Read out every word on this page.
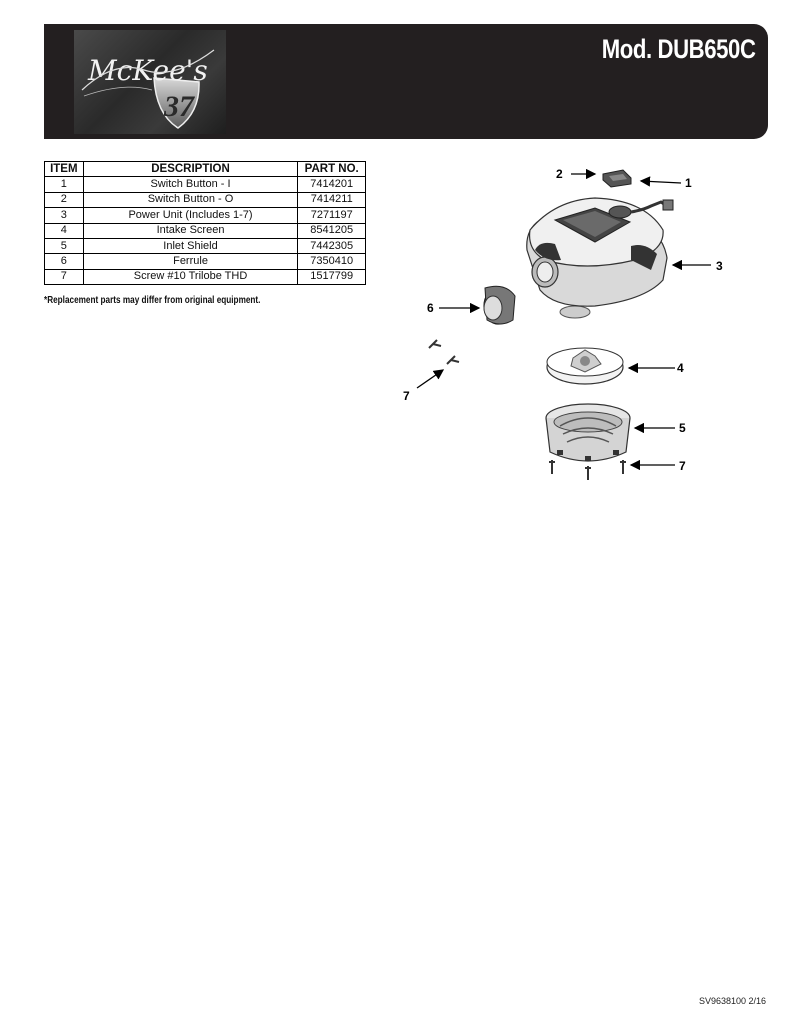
37
McKee's
Mod. DUB650C
ITEM	DESCRIPTION	PART NO.
1	Switch Button - I	7414201
2	Switch Button - O	7414211
3	Power Unit (Includes 1-7)	7271197
4	Intake Screen	8541205
5	Inlet Shield	7442305
6	Ferrule	7350410
7	Screw #10 Trilobe THD	1517799
*Replacement parts may differ from original equipment.
2
1
3
6
4
5
7
7
SV9638100 2/16
